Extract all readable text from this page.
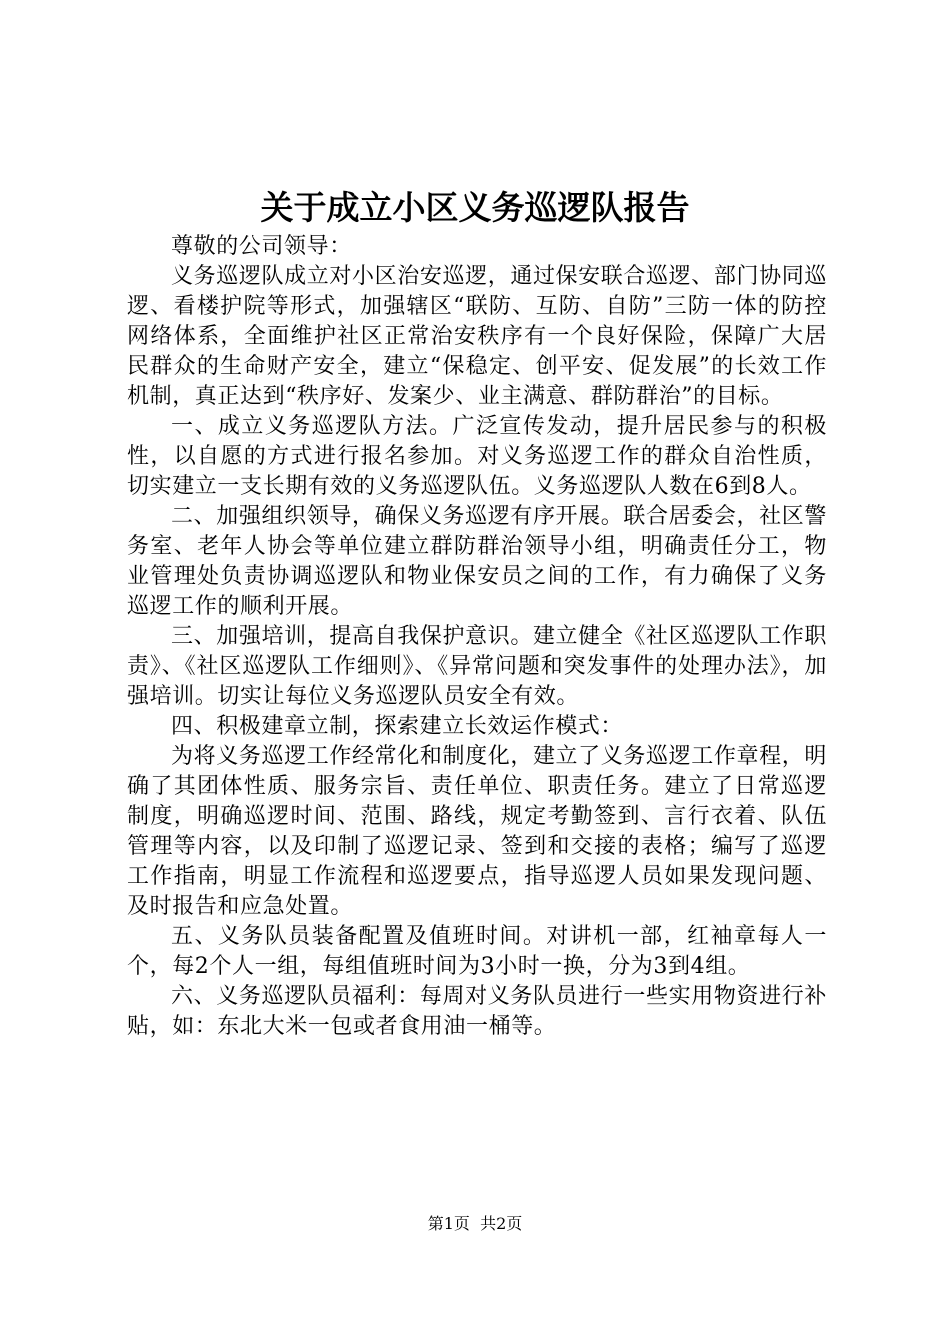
关于成立小区义务巡逻队报告

尊敬的公司领导：

义务巡逻队成立对小区治安巡逻，通过保安联合巡逻、部门协同巡逻、看楼护院等形式，加强辖区“联防、互防、自防”三防一体的防控网络体系，全面维护社区正常治安秩序有一个良好保险，保障广大居民群众的生命财产安全，建立“保稳定、创平安、促发展”的长效工作机制，真正达到“秩序好、发案少、业主满意、群防群治”的目标。

一、成立义务巡逻队方法。广泛宣传发动，提升居民参与的积极性，以自愿的方式进行报名参加。对义务巡逻工作的群众自治性质，切实建立一支长期有效的义务巡逻队伍。义务巡逻队人数在6到8人。

二、加强组织领导，确保义务巡逻有序开展。联合居委会，社区警务室、老年人协会等单位建立群防群治领导小组，明确责任分工，物业管理处负责协调巡逻队和物业保安员之间的工作，有力确保了义务巡逻工作的顺利开展。

三、加强培训，提高自我保护意识。建立健全《社区巡逻队工作职责》、《社区巡逻队工作细则》、《异常问题和突发事件的处理办法》，加强培训。切实让每位义务巡逻队员安全有效。

四、积极建章立制，探索建立长效运作模式：

为将义务巡逻工作经常化和制度化，建立了义务巡逻工作章程，明确了其团体性质、服务宗旨、责任单位、职责任务。建立了日常巡逻制度，明确巡逻时间、范围、路线，规定考勤签到、言行衣着、队伍管理等内容，以及印制了巡逻记录、签到和交接的表格；编写了巡逻工作指南，明显工作流程和巡逻要点，指导巡逻人员如果发现问题、及时报告和应急处置。

五、义务队员装备配置及值班时间。对讲机一部，红袖章每人一个，每2个人一组，每组值班时间为3小时一换，分为3到4组。

六、义务巡逻队员福利：每周对义务队员进行一些实用物资进行补贴，如：东北大米一包或者食用油一桶等。

第1页 共2页
